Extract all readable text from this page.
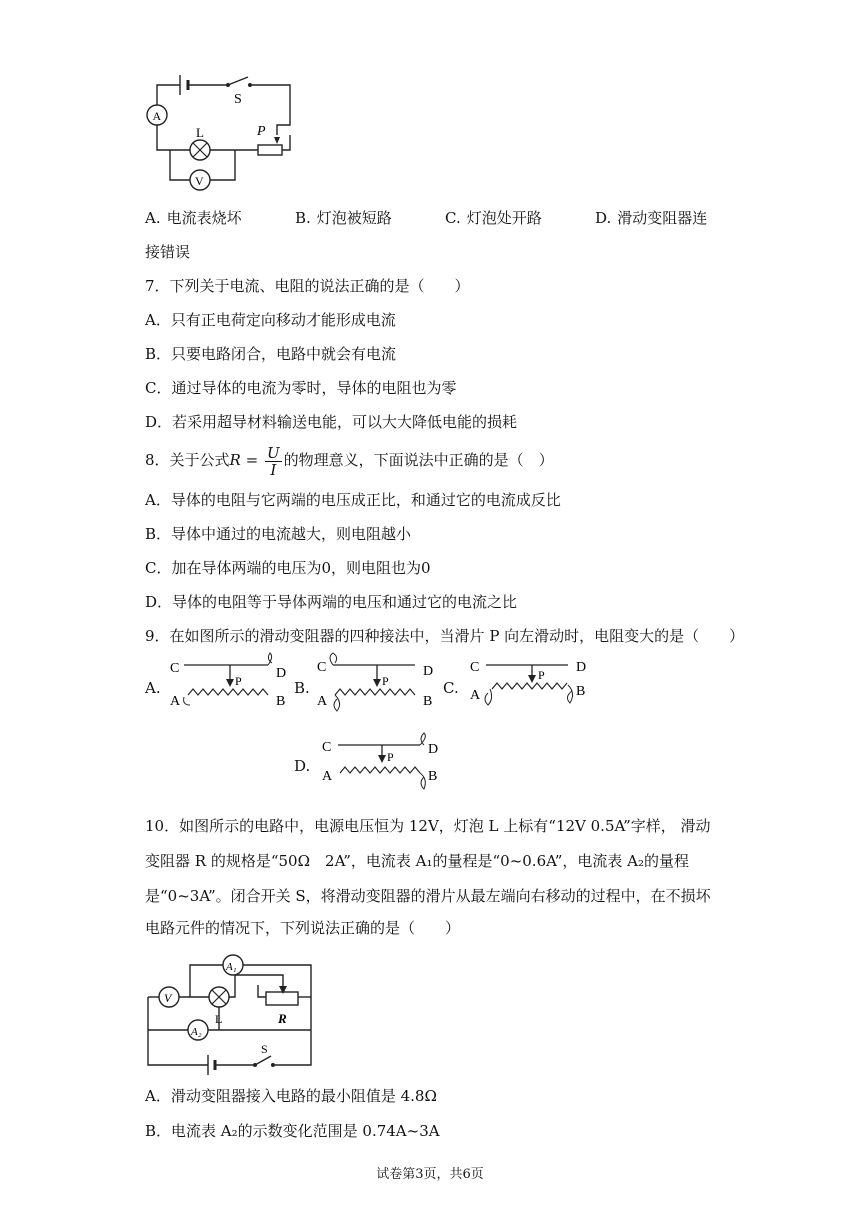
A
S
L	P
V
A. 电流表烧坏	B. 灯泡被短路	C. 灯泡处开路	D. 滑动变阻器连
接错误
7．下列关于电流、电阻的说法正确的是（　　）
A．只有正电荷定向移动才能形成电流
B．只要电路闭合，电路中就会有电流
C．通过导体的电流为零时，导体的电阻也为零
D．若采用超导材料输送电能，可以大大降低电能的损耗
8．关于公式$R = \frac{U}{I}$ 的物理意义，下面说法中正确的是（　）
A．导体的电阻与它两端的电压成正比，和通过它的电流成反比
B．导体中通过的电流越大，则电阻越小
C．加在导体两端的电压为0，则电阻也为0
D．导体的电阻等于导体两端的电压和通过它的电流之比
9．在如图所示的滑动变阻器的四种接法中，当滑片 P 向左滑动时，电阻变大的是（　　）
A.
C	D
A	B
P	B.
C	D
A	B
P	C.
C	D
A	B
P
D.
C	D
A	B
P
10．如图所示的电路中，电源电压恒为 12V，灯泡 L 上标有“12V 0.5A”字样， 滑动
变阻器 R 的规格是“50Ω　2A”，电流表 A₁的量程是“0~0.6A”，电流表 A₂的量程
是“0~3A”。闭合开关 S，将滑动变阻器的滑片从最左端向右移动的过程中，在不损坏
电路元件的情况下，下列说法正确的是（　　）
A₁
V
A₂
L	R
S
A．滑动变阻器接入电路的最小阻值是 4.8Ω
B．电流表 A₂的示数变化范围是 0.74A~3A
试卷第3页，共6页
